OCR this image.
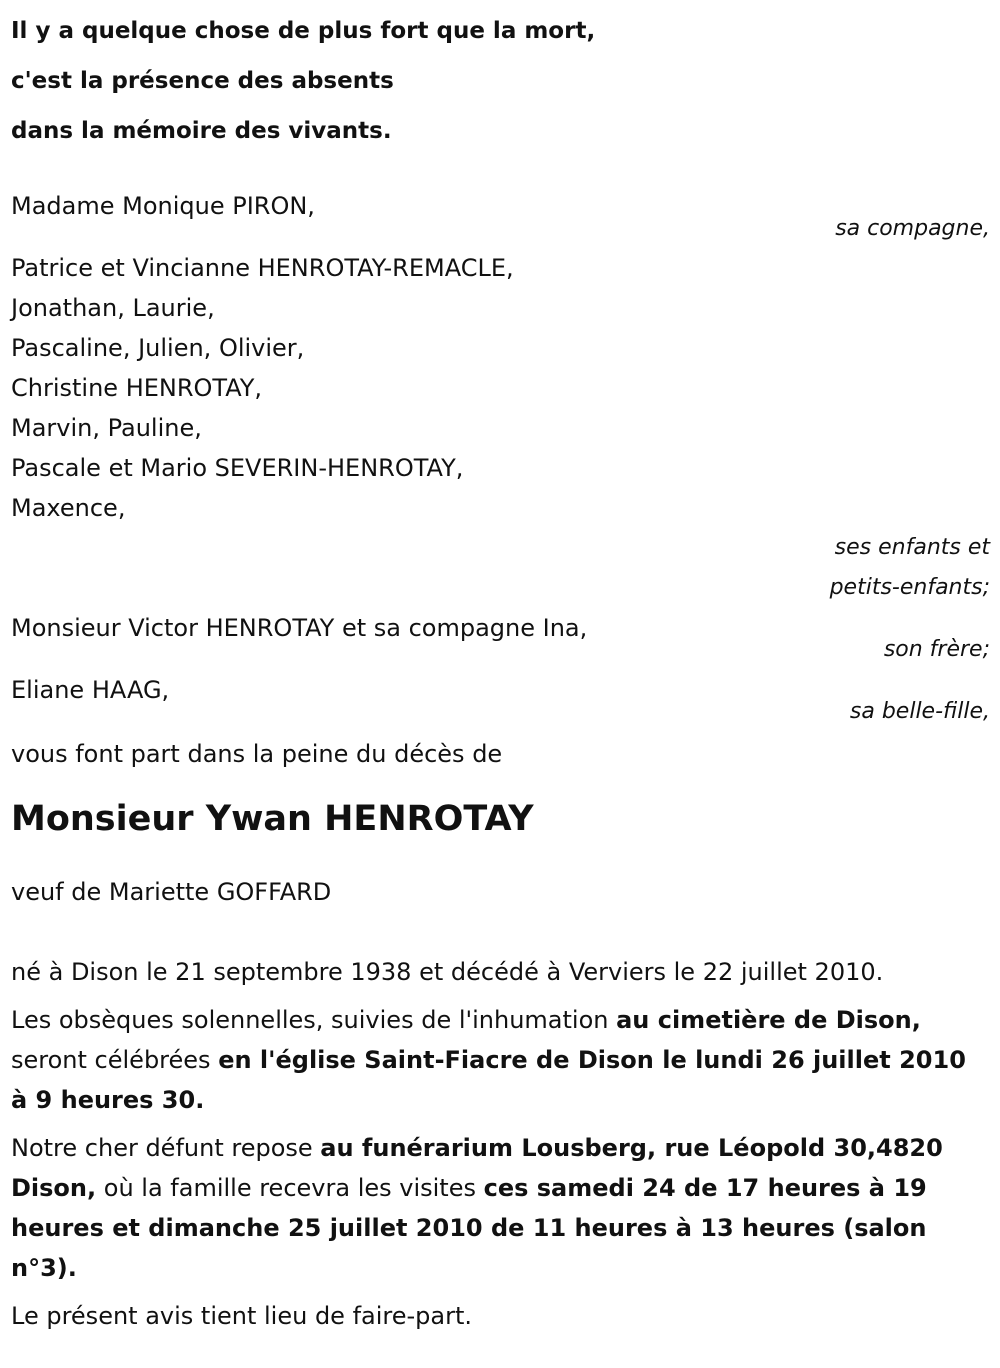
Il y a quelque chose de plus fort que la mort,
c'est la présence des absents
dans la mémoire des vivants.
Madame Monique PIRON,
sa compagne,
Patrice et Vincianne HENROTAY-REMACLE,
Jonathan, Laurie,
Pascaline, Julien, Olivier,
Christine HENROTAY,
Marvin, Pauline,
Pascale et Mario SEVERIN-HENROTAY,
Maxence,
ses enfants et
petits-enfants;
Monsieur Victor HENROTAY et sa compagne Ina,
son frère;
Eliane HAAG,
sa belle-fille,
vous font part dans la peine du décès de
Monsieur Ywan HENROTAY
veuf de Mariette GOFFARD
né à Dison le 21 septembre 1938 et décédé à Verviers le 22 juillet 2010.

Les obsèques solennelles, suivies de l'inhumation au cimetière de Dison, seront célébrées en l'église Saint-Fiacre de Dison le lundi 26 juillet 2010 à 9 heures 30.

Notre cher défunt repose au funérarium Lousberg, rue Léopold 30,4820 Dison, où la famille recevra les visites ces samedi 24 de 17 heures à 19 heures et dimanche 25 juillet 2010 de 11 heures à 13 heures (salon n°3).

Le présent avis tient lieu de faire-part.
